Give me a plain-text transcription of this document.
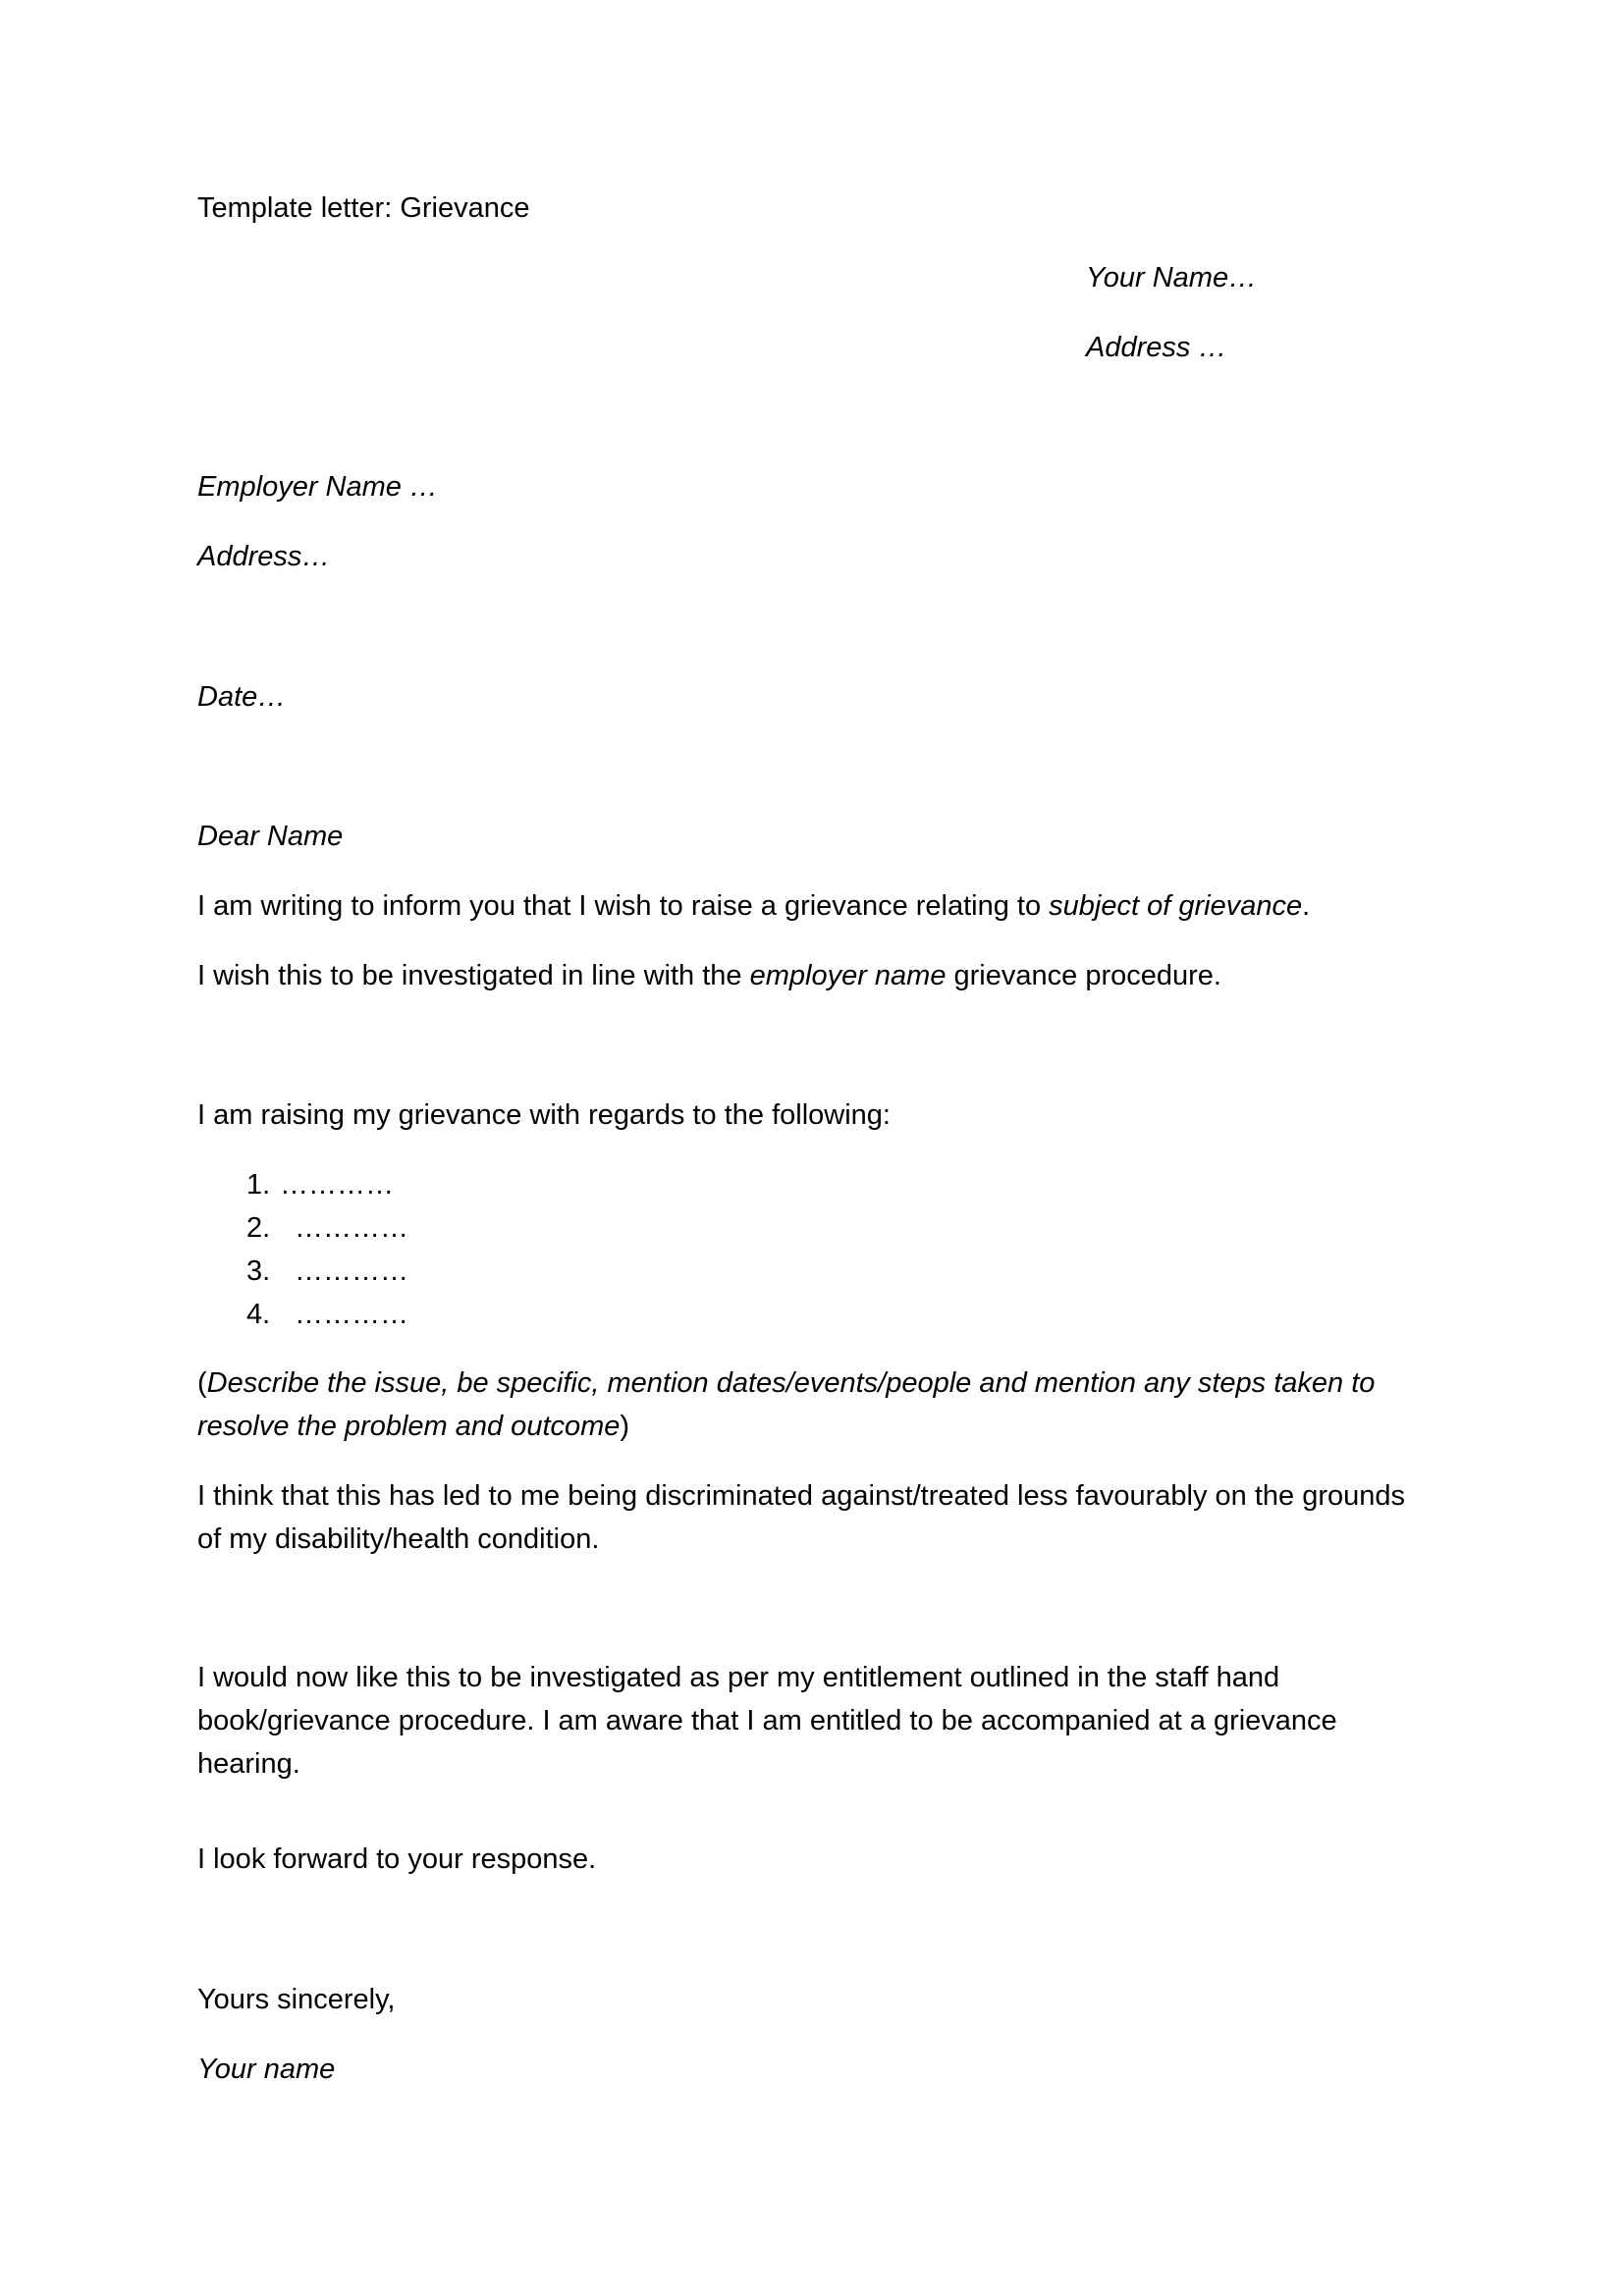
Template letter: Grievance
Your Name…
Address …
Employer Name …
Address…
Date…
Dear Name
I am writing to inform you that I wish to raise a grievance relating to subject of grievance.
I wish this to be investigated in line with the employer name grievance procedure.
I am raising my grievance with regards to the following:
1. …………
2. …………
3. …………
4. …………
(Describe the issue, be specific, mention dates/events/people and mention any steps taken to resolve the problem and outcome)
I think that this has led to me being discriminated against/treated less favourably on the grounds of my disability/health condition.
I would now like this to be investigated as per my entitlement outlined in the staff hand book/grievance procedure. I am aware that I am entitled to be accompanied at a grievance hearing.
I look forward to your response.
Yours sincerely,
Your name
